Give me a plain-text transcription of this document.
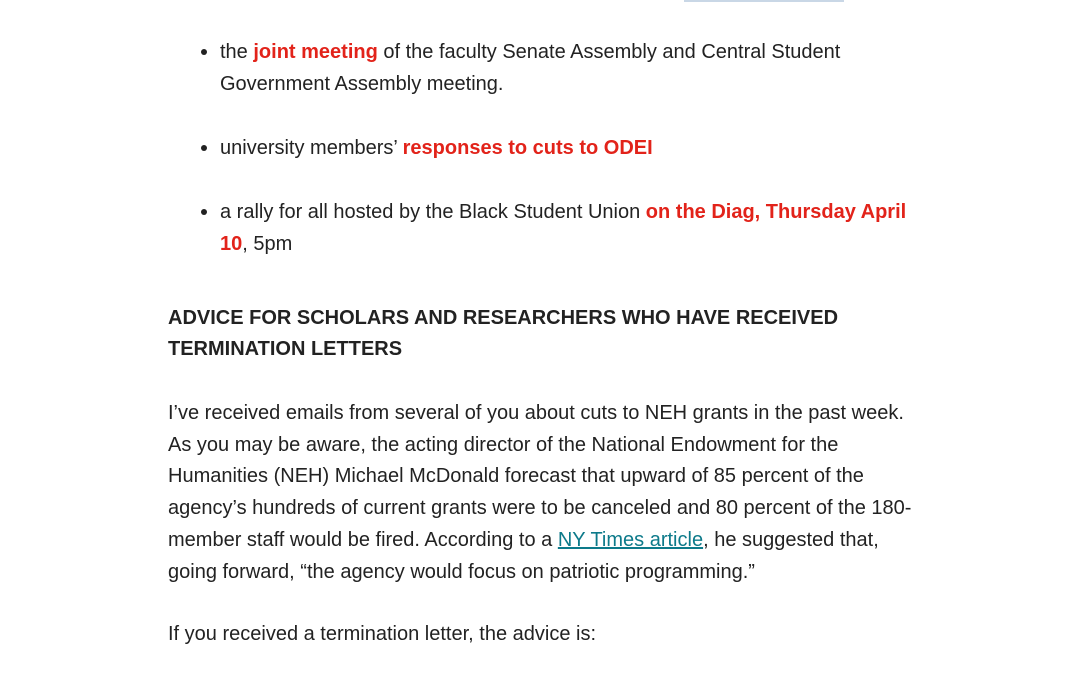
the joint meeting of the faculty Senate Assembly and Central Student Government Assembly meeting.
university members’ responses to cuts to ODEI
a rally for all hosted by the Black Student Union on the Diag, Thursday April 10, 5pm
ADVICE FOR SCHOLARS AND RESEARCHERS WHO HAVE RECEIVED TERMINATION LETTERS

I’ve received emails from several of you about cuts to NEH grants in the past week. As you may be aware, the acting director of the National Endowment for the Humanities (NEH) Michael McDonald forecast that upward of 85 percent of the agency’s hundreds of current grants were to be canceled and 80 percent of the 180-member staff would be fired. According to a NY Times article, he suggested that, going forward, “the agency would focus on patriotic programming.”

If you received a termination letter, the advice is:
